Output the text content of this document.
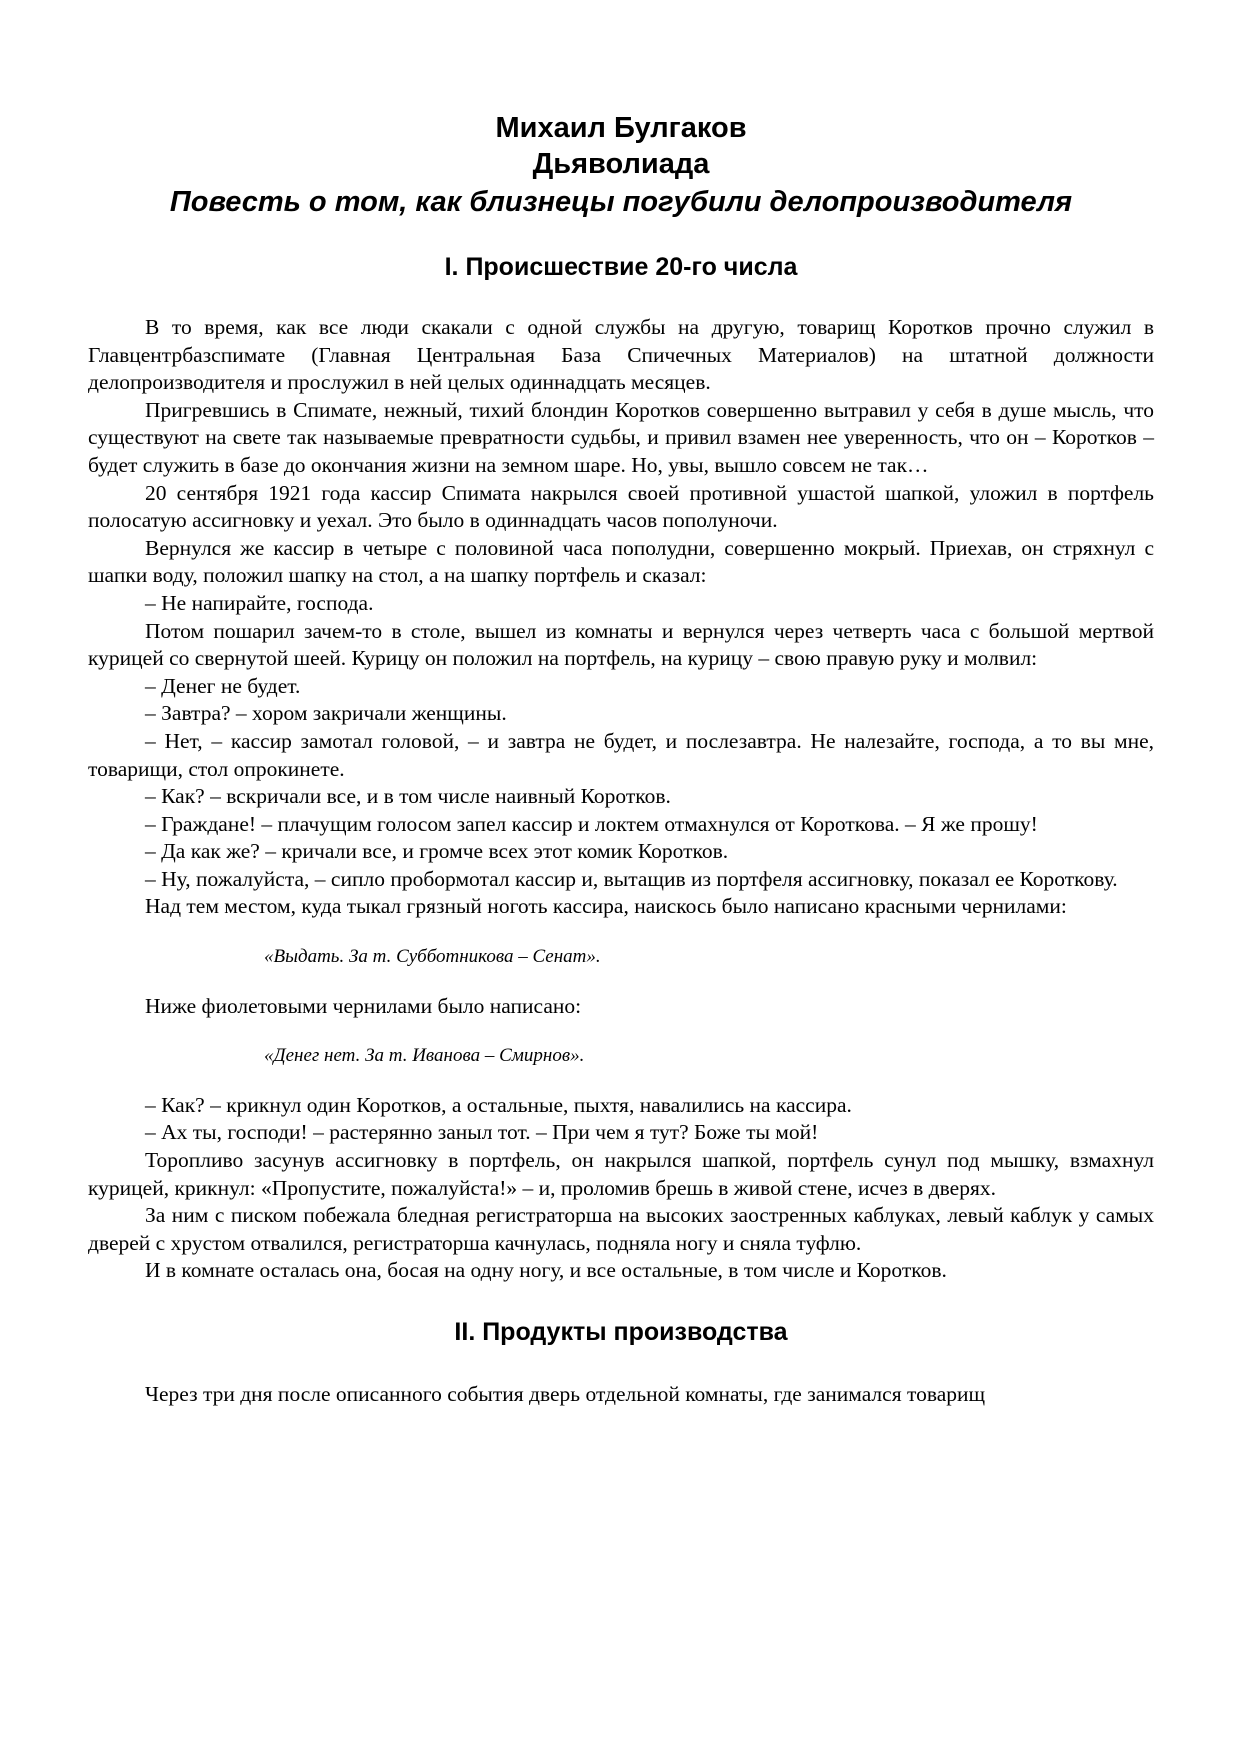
Михаил Булгаков

Дьяволиада

Повесть о том, как близнецы погубили делопроизводителя

I. Происшествие 20-го числа

В то время, как все люди скакали с одной службы на другую, товарищ Коротков прочно служил в Главцентрбазспимате (Главная Центральная База Спичечных Материалов) на штатной должности делопроизводителя и прослужил в ней целых одиннадцать месяцев.

Пригревшись в Спимате, нежный, тихий блондин Коротков совершенно вытравил у себя в душе мысль, что существуют на свете так называемые превратности судьбы, и привил взамен нее уверенность, что он – Коротков – будет служить в базе до окончания жизни на земном шаре. Но, увы, вышло совсем не так…

20 сентября 1921 года кассир Спимата накрылся своей противной ушастой шапкой, уложил в портфель полосатую ассигновку и уехал. Это было в одиннадцать часов пополуночи.

Вернулся же кассир в четыре с половиной часа пополудни, совершенно мокрый. Приехав, он стряхнул с шапки воду, положил шапку на стол, а на шапку портфель и сказал:

– Не напирайте, господа.

Потом пошарил зачем-то в столе, вышел из комнаты и вернулся через четверть часа с большой мертвой курицей со свернутой шеей. Курицу он положил на портфель, на курицу – свою правую руку и молвил:

– Денег не будет.

– Завтра? – хором закричали женщины.

– Нет, – кассир замотал головой, – и завтра не будет, и послезавтра. Не налезайте, господа, а то вы мне, товарищи, стол опрокинете.

– Как? – вскричали все, и в том числе наивный Коротков.

– Граждане! – плачущим голосом запел кассир и локтем отмахнулся от Короткова. – Я же прошу!

– Да как же? – кричали все, и громче всех этот комик Коротков.

– Ну, пожалуйста, – сипло пробормотал кассир и, вытащив из портфеля ассигновку, показал ее Короткову.

Над тем местом, куда тыкал грязный ноготь кассира, наискось было написано красными чернилами:

«Выдать. За т. Субботникова – Сенат».

Ниже фиолетовыми чернилами было написано:

«Денег нет. За т. Иванова – Смирнов».

– Как? – крикнул один Коротков, а остальные, пыхтя, навалились на кассира.

– Ах ты, господи! – растерянно заныл тот. – При чем я тут? Боже ты мой!

Торопливо засунув ассигновку в портфель, он накрылся шапкой, портфель сунул под мышку, взмахнул курицей, крикнул: «Пропустите, пожалуйста!» – и, проломив брешь в живой стене, исчез в дверях.

За ним с писком побежала бледная регистраторша на высоких заостренных каблуках, левый каблук у самых дверей с хрустом отвалился, регистраторша качнулась, подняла ногу и сняла туфлю.

И в комнате осталась она, босая на одну ногу, и все остальные, в том числе и Коротков.

II. Продукты производства

Через три дня после описанного события дверь отдельной комнаты, где занимался товарищ
